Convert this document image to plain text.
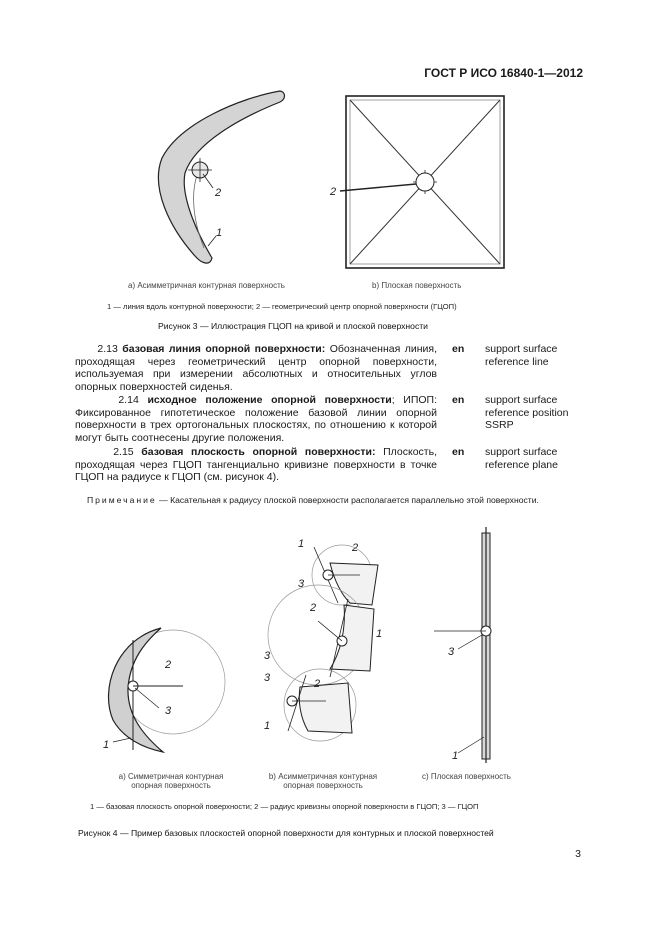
ГОСТ Р ИСО 16840-1—2012
2
1
2
а) Асимметричная контурная поверхность	b) Плоская поверхность
1 — линия вдоль контурной поверхности; 2 — геометрический центр опорной поверхности (ГЦОП)
Рисунок 3 — Иллюстрация ГЦОП на кривой и плоской поверхности
2.13 базовая линия опорной поверхности: Обозначенная линия, проходящая через геометрический центр опорной поверхности, используемая при измерении абсолютных и относительных углов опорных поверхностей сиденья.
en support surface
reference line
2.14 исходное положение опорной поверхности; ИПОП: Фиксированное гипотетическое положение базовой линии опорной поверхности в трех ортогональных плоскостях, по отношению к которой могут быть соотнесены другие положения.
en support surface
reference position
SSRP
2.15 базовая плоскость опорной поверхности: Плоскость, проходящая через ГЦОП тангенциально кривизне поверхности в точке ГЦОП на радиусе к ГЦОП (см. рисунок 4).
en support surface
reference plane
Примечание — Касательная к радиусу плоской поверхности располагается параллельно этой поверхности.
2
3
1
1	2
3
2
1
3
2
3
1
3
1
а) Симметричная контурная
опорная поверхность
b) Асимметричная контурная
опорная поверхность
с) Плоская поверхность
1 — базовая плоскость опорной поверхности; 2 — радиус кривизны опорной поверхности в ГЦОП; 3 — ГЦОП
Рисунок 4 — Пример базовых плоскостей опорной поверхности для контурных и плоской поверхностей
3
